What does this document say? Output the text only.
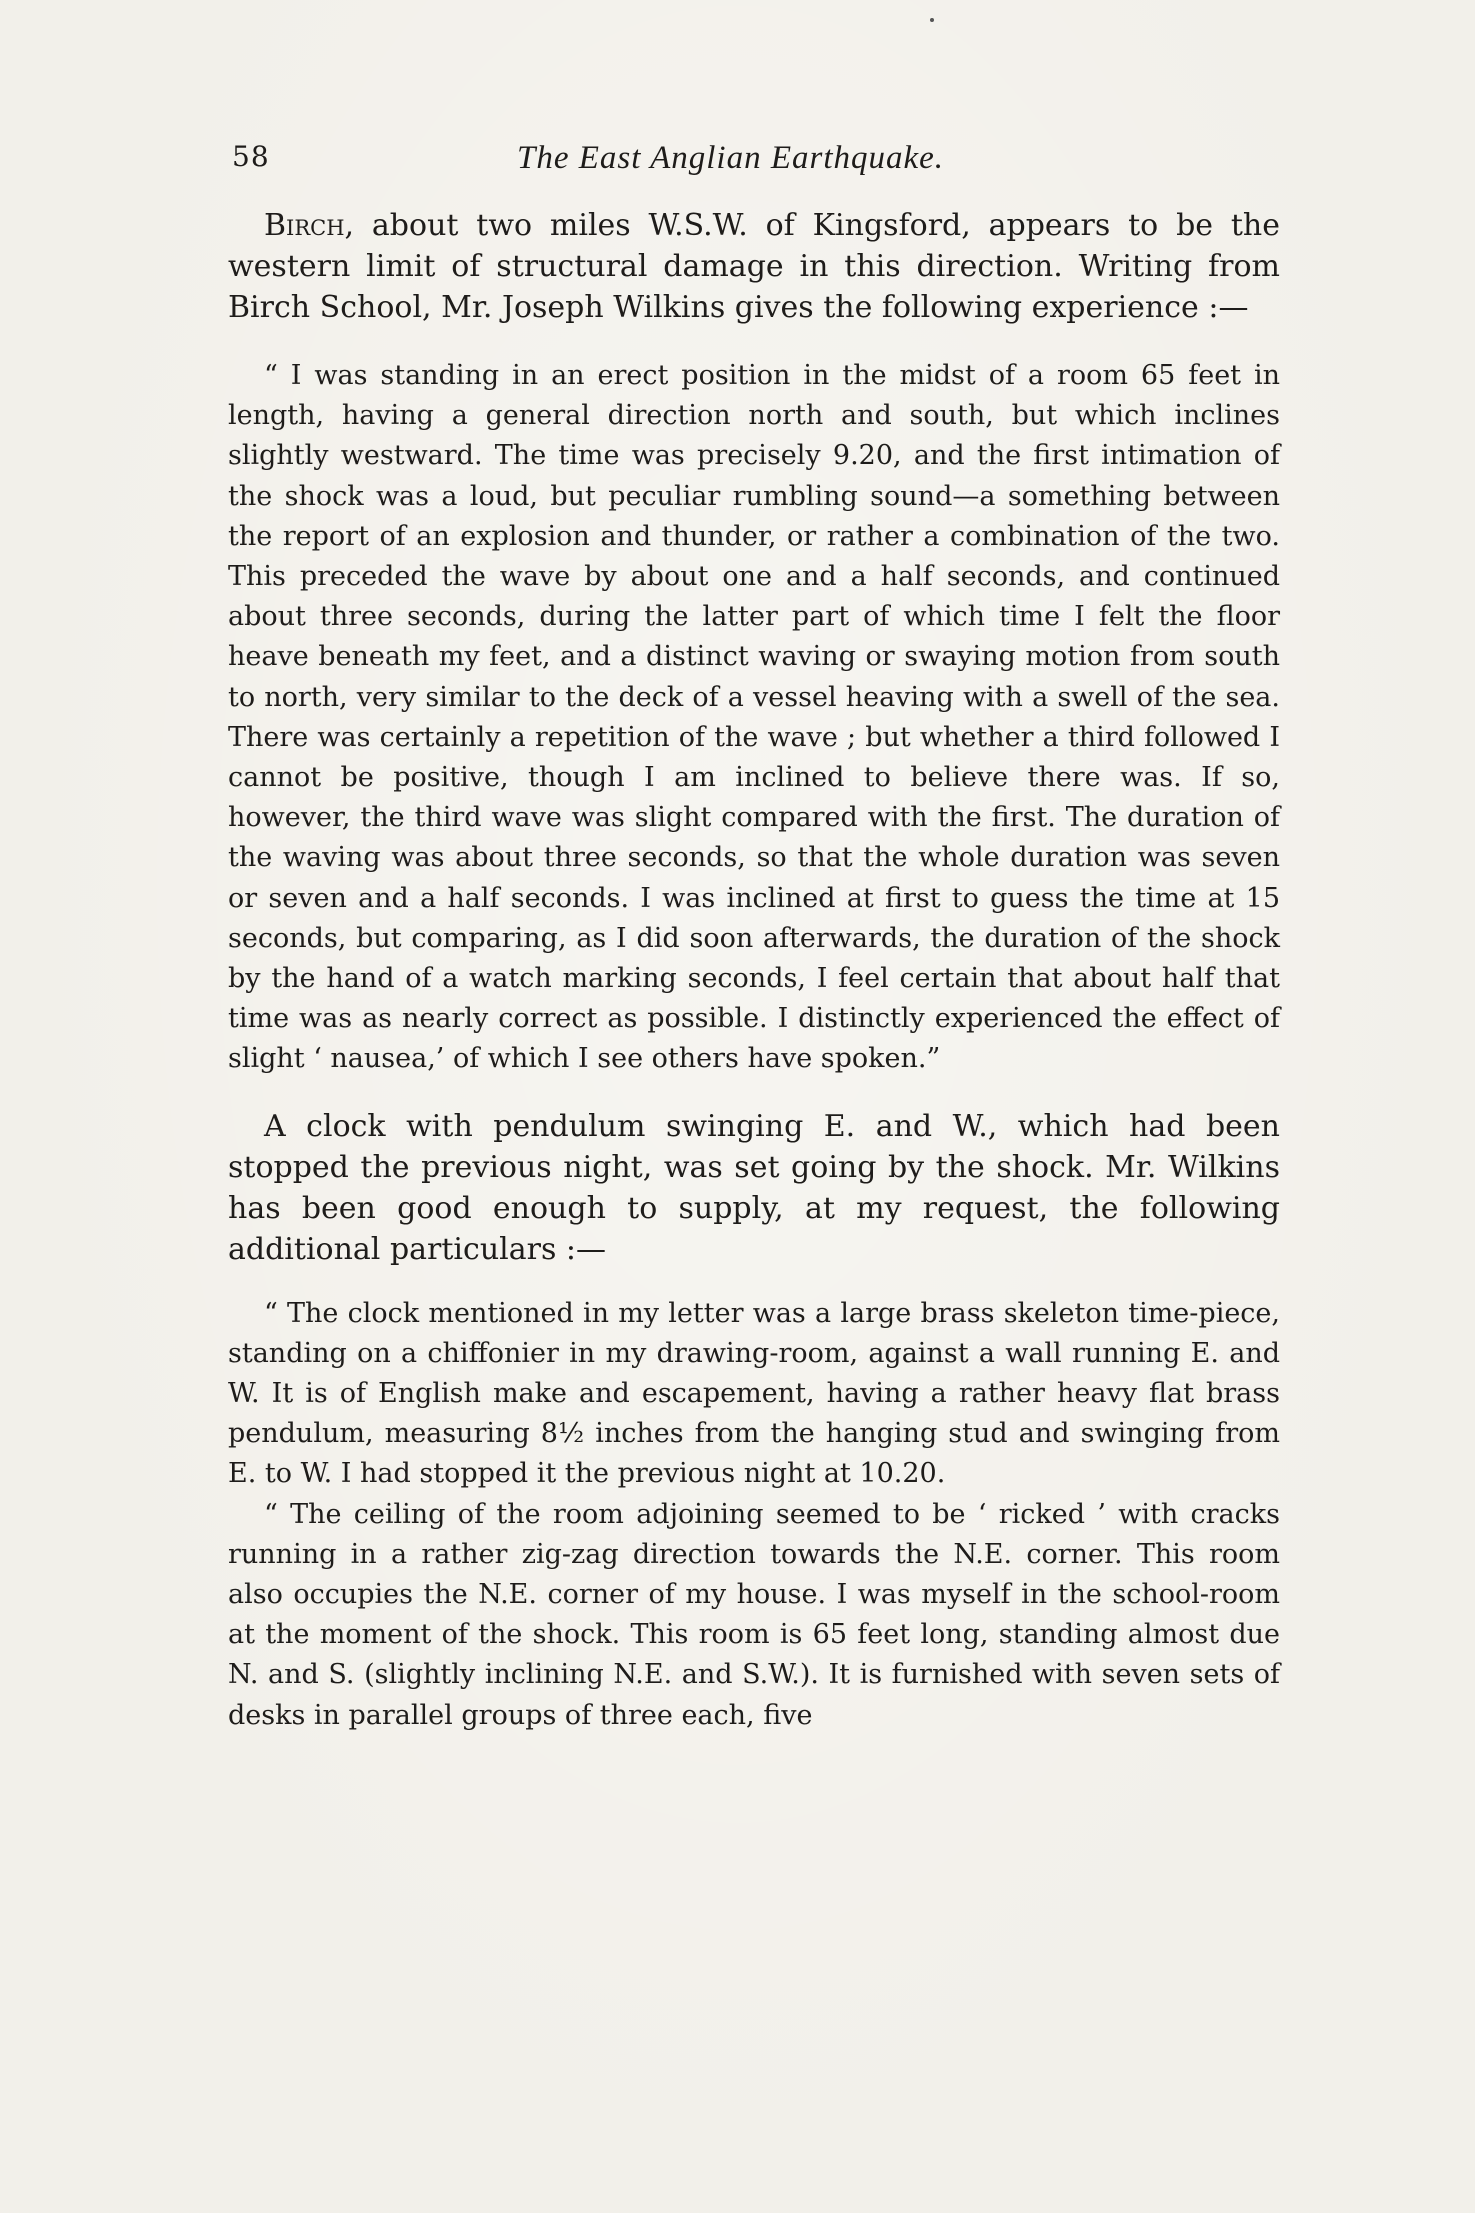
58	The East Anglian Earthquake.

Birch, about two miles W.S.W. of Kingsford, appears to be the western limit of structural damage in this direction. Writing from Birch School, Mr. Joseph Wilkins gives the following experience :—

“ I was standing in an erect position in the midst of a room 65 feet in length, having a general direction north and south, but which inclines slightly westward. The time was precisely 9.20, and the first intimation of the shock was a loud, but peculiar rumbling sound—a something between the report of an explosion and thunder, or rather a combination of the two. This preceded the wave by about one and a half seconds, and continued about three seconds, during the latter part of which time I felt the floor heave beneath my feet, and a distinct waving or swaying motion from south to north, very similar to the deck of a vessel heaving with a swell of the sea. There was certainly a repetition of the wave ; but whether a third followed I cannot be positive, though I am inclined to believe there was. If so, however, the third wave was slight compared with the first. The duration of the waving was about three seconds, so that the whole duration was seven or seven and a half seconds. I was inclined at first to guess the time at 15 seconds, but comparing, as I did soon afterwards, the duration of the shock by the hand of a watch marking seconds, I feel certain that about half that time was as nearly correct as possible. I distinctly experienced the effect of slight ‘ nausea,’ of which I see others have spoken.”

A clock with pendulum swinging E. and W., which had been stopped the previous night, was set going by the shock. Mr. Wilkins has been good enough to supply, at my request, the following additional particulars :—

“ The clock mentioned in my letter was a large brass skeleton time-piece, standing on a chiffonier in my drawing-room, against a wall running E. and W. It is of English make and escapement, having a rather heavy flat brass pendulum, measuring 8½ inches from the hanging stud and swinging from E. to W. I had stopped it the previous night at 10.20.

“ The ceiling of the room adjoining seemed to be ‘ ricked ’ with cracks running in a rather zig-zag direction towards the N.E. corner. This room also occupies the N.E. corner of my house. I was myself in the school-room at the moment of the shock. This room is 65 feet long, standing almost due N. and S. (slightly inclining N.E. and S.W.). It is furnished with seven sets of desks in parallel groups of three each, five
